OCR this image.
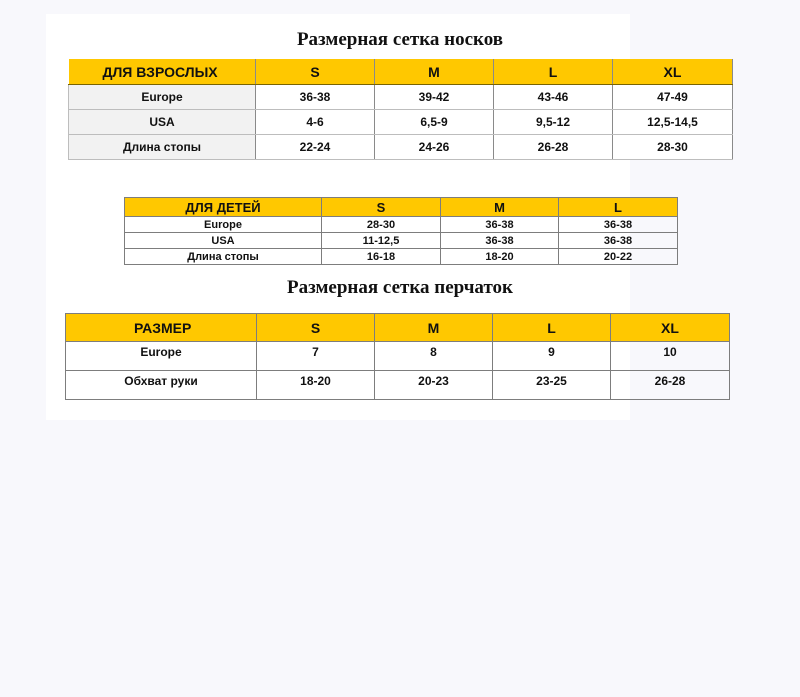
Размерная сетка носков
ДЛЯ ВЗРОСЛЫХ	S	M	L	XL
Europe	36-38	39-42	43-46	47-49
USA	4-6	6,5-9	9,5-12	12,5-14,5
Длина стопы	22-24	24-26	26-28	28-30
ДЛЯ ДЕТЕЙ	S	M	L
Europe	28-30	36-38	36-38
USA	11-12,5	36-38	36-38
Длина стопы	16-18	18-20	20-22
Размерная сетка перчаток
РАЗМЕР	S	M	L	XL
Europe	7	8	9	10
Обхват руки	18-20	20-23	23-25	26-28
